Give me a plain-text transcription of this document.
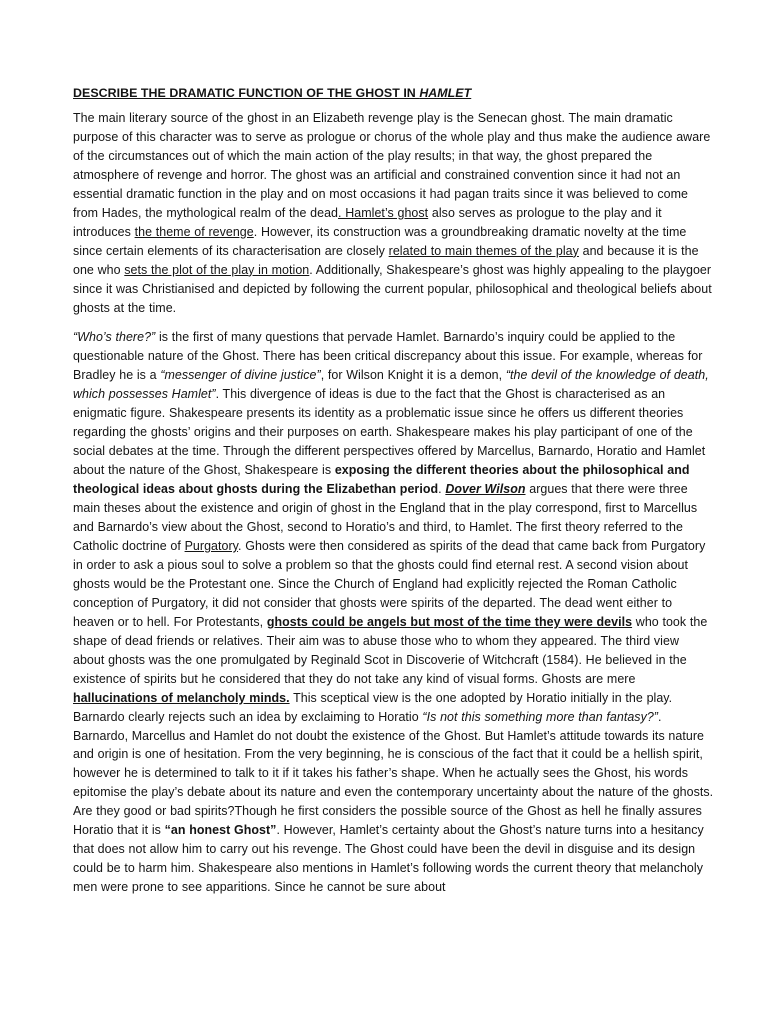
DESCRIBE THE DRAMATIC FUNCTION OF THE GHOST IN HAMLET

The main literary source of the ghost in an Elizabeth revenge play is the Senecan ghost. The main dramatic purpose of this character was to serve as prologue or chorus of the whole play and thus make the audience aware of the circumstances out of which the main action of the play results; in that way, the ghost prepared the atmosphere of revenge and horror. The ghost was an artificial and constrained convention since it had not an essential dramatic function in the play and on most occasions it had pagan traits since it was believed to come from Hades, the mythological realm of the dead. Hamlet’s ghost also serves as prologue to the play and it introduces the theme of revenge. However, its construction was a groundbreaking dramatic novelty at the time since certain elements of its characterisation are closely related to main themes of the play and because it is the one who sets the plot of the play in motion. Additionally, Shakespeare’s ghost was highly appealing to the playgoer since it was Christianised and depicted by following the current popular, philosophical and theological beliefs about ghosts at the time.

“Who’s there?” is the first of many questions that pervade Hamlet. Barnardo’s inquiry could be applied to the questionable nature of the Ghost. There has been critical discrepancy about this issue. For example, whereas for Bradley he is a “messenger of divine justice”, for Wilson Knight it is a demon, “the devil of the knowledge of death, which possesses Hamlet”. This divergence of ideas is due to the fact that the Ghost is characterised as an enigmatic figure. Shakespeare presents its identity as a problematic issue since he offers us different theories regarding the ghosts’ origins and their purposes on earth. Shakespeare makes his play participant of one of the social debates at the time. Through the different perspectives offered by Marcellus, Barnardo, Horatio and Hamlet about the nature of the Ghost, Shakespeare is exposing the different theories about the philosophical and theological ideas about ghosts during the Elizabethan period. Dover Wilson argues that there were three main theses about the existence and origin of ghost in the England that in the play correspond, first to Marcellus and Barnardo’s view about the Ghost, second to Horatio’s and third, to Hamlet. The first theory referred to the Catholic doctrine of Purgatory. Ghosts were then considered as spirits of the dead that came back from Purgatory in order to ask a pious soul to solve a problem so that the ghosts could find eternal rest. A second vision about ghosts would be the Protestant one. Since the Church of England had explicitly rejected the Roman Catholic conception of Purgatory, it did not consider that ghosts were spirits of the departed. The dead went either to heaven or to hell. For Protestants, ghosts could be angels but most of the time they were devils who took the shape of dead friends or relatives. Their aim was to abuse those who to whom they appeared. The third view about ghosts was the one promulgated by Reginald Scot in Discoverie of Witchcraft (1584). He believed in the existence of spirits but he considered that they do not take any kind of visual forms. Ghosts are mere hallucinations of melancholy minds. This sceptical view is the one adopted by Horatio initially in the play. Barnardo clearly rejects such an idea by exclaiming to Horatio “Is not this something more than fantasy?”. Barnardo, Marcellus and Hamlet do not doubt the existence of the Ghost. But Hamlet’s attitude towards its nature and origin is one of hesitation. From the very beginning, he is conscious of the fact that it could be a hellish spirit, however he is determined to talk to it if it takes his father’s shape. When he actually sees the Ghost, his words epitomise the play’s debate about its nature and even the contemporary uncertainty about the nature of the ghosts. Are they good or bad spirits?Though he first considers the possible source of the Ghost as hell he finally assures Horatio that it is “an honest Ghost”. However, Hamlet’s certainty about the Ghost’s nature turns into a hesitancy that does not allow him to carry out his revenge. The Ghost could have been the devil in disguise and its design could be to harm him. Shakespeare also mentions in Hamlet’s following words the current theory that melancholy men were prone to see apparitions. Since he cannot be sure about
